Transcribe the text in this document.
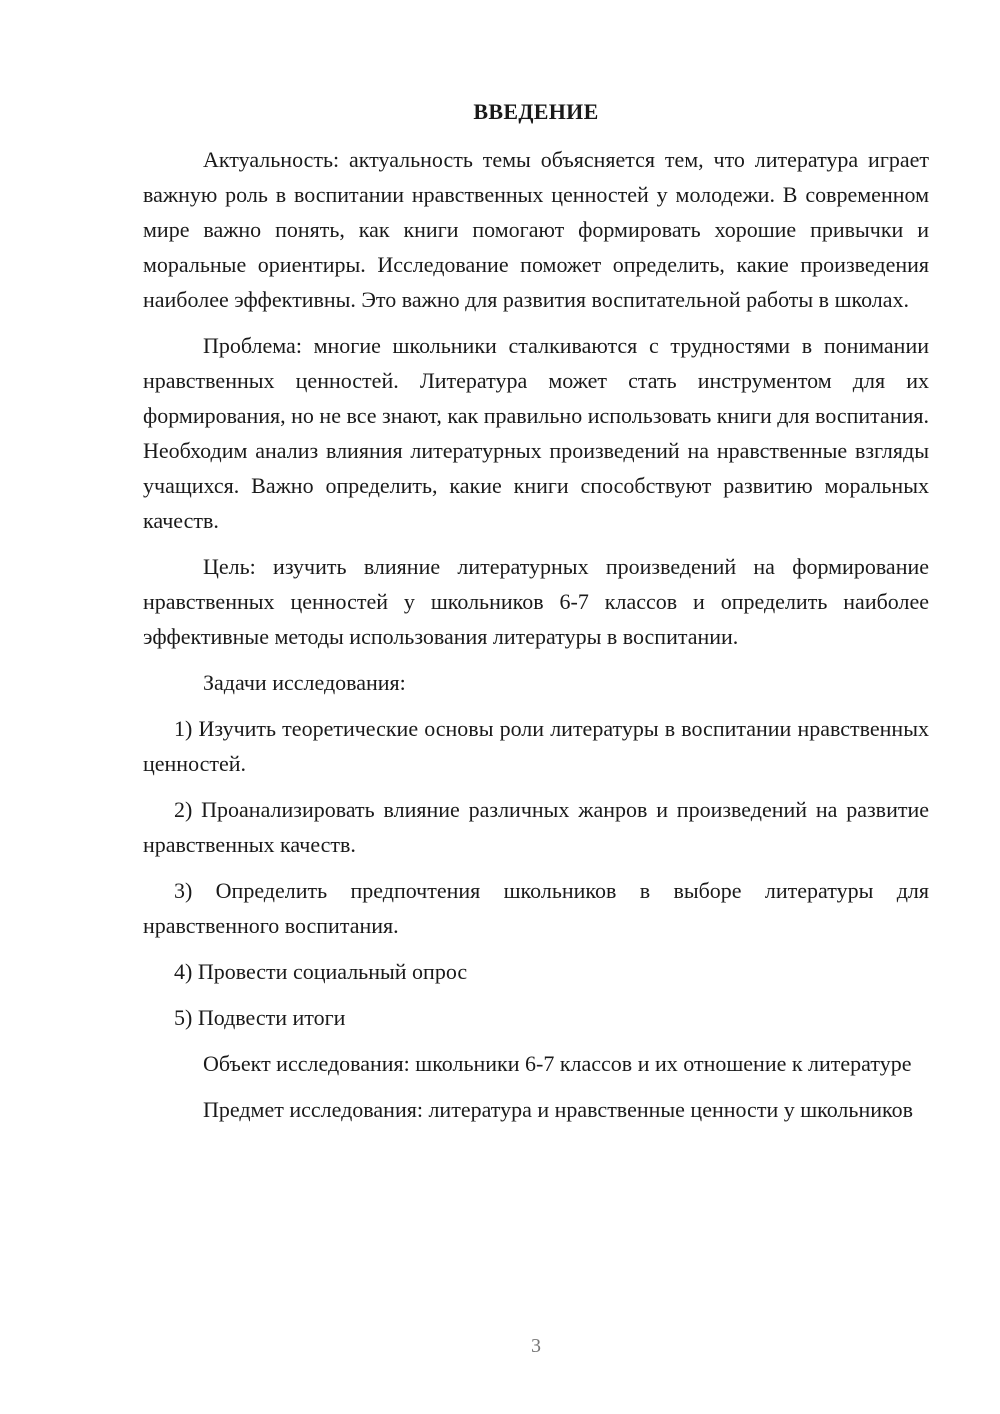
ВВЕДЕНИЕ

Актуальность: актуальность темы объясняется тем, что литература играет важную роль в воспитании нравственных ценностей у молодежи. В современном мире важно понять, как книги помогают формировать хорошие привычки и моральные ориентиры. Исследование поможет определить, какие произведения наиболее эффективны. Это важно для развития воспитательной работы в школах.

Проблема: многие школьники сталкиваются с трудностями в понимании нравственных ценностей. Литература может стать инструментом для их формирования, но не все знают, как правильно использовать книги для воспитания. Необходим анализ влияния литературных произведений на нравственные взгляды учащихся. Важно определить, какие книги способствуют развитию моральных качеств.

Цель: изучить влияние литературных произведений на формирование нравственных ценностей у школьников 6-7 классов и определить наиболее эффективные методы использования литературы в воспитании.

Задачи исследования:

1) Изучить теоретические основы роли литературы в воспитании нравственных ценностей.

2) Проанализировать влияние различных жанров и произведений на развитие нравственных качеств.

3) Определить предпочтения школьников в выборе литературы для нравственного воспитания.

4) Провести социальный опрос

5) Подвести итоги

Объект исследования: школьники 6-7 классов и их отношение к литературе

Предмет исследования: литература и нравственные ценности у школьников

3
